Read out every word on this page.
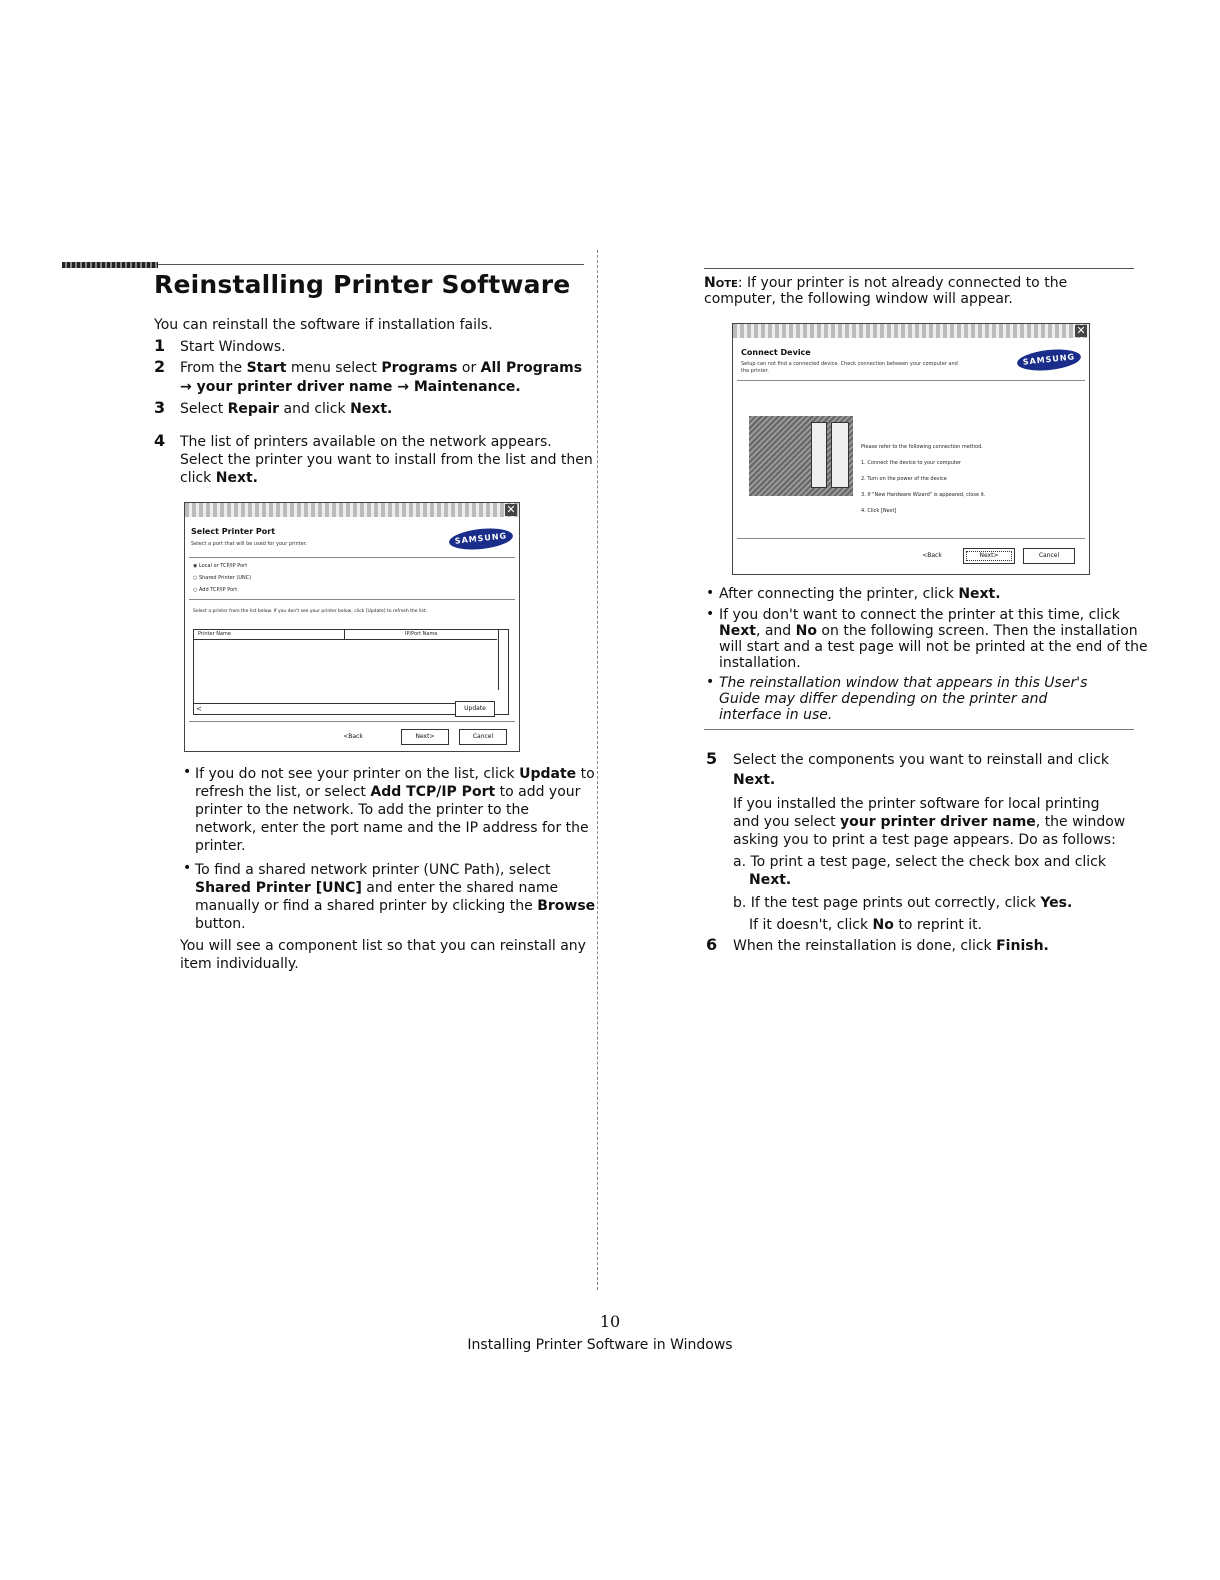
Reinstalling Printer Software
You can reinstall the software if installation fails.
1 Start Windows.
2 From the Start menu select Programs or All Programs
→ your printer driver name → Maintenance.
3 Select Repair and click Next.
4 The list of printers available on the network appears.
Select the printer you want to install from the list and then
click Next.
✕
Select Printer Port
Select a port that will be used for your printer.	SAMSUNG
◉ Local or TCP/IP Port
○ Shared Printer (UNC)
○ Add TCP/IP Port
Select a printer from the list below. If you don't see your printer below, click [Update] to refresh the list.
Printer Name	IP/Port Name
<	Update
<Back	Next>	Cancel
• If you do not see your printer on the list, click Update to
refresh the list, or select Add TCP/IP Port to add your
printer to the network. To add the printer to the
network, enter the port name and the IP address for the
printer.
• To find a shared network printer (UNC Path), select
Shared Printer [UNC] and enter the shared name
manually or find a shared printer by clicking the Browse
button.
You will see a component list so that you can reinstall any
item individually.
Note: If your printer is not already connected to the
computer, the following window will appear.
✕
Connect Device
Setup can not find a connected device. Check connection between your computer and
the printer.
SAMSUNG
Please refer to the following connection method.
1. Connect the device to your computer
2. Turn on the power of the device
3. If "New Hardware Wizard" is appeared, close it.
4. Click [Next]
<Back	Next>	Cancel
• After connecting the printer, click Next.
• If you don't want to connect the printer at this time, click
Next, and No on the following screen. Then the installation
will start and a test page will not be printed at the end of the
installation.
• The reinstallation window that appears in this User's
Guide may differ depending on the printer and
interface in use.
5 Select the components you want to reinstall and click
Next.
If you installed the printer software for local printing
and you select your printer driver name, the window
asking you to print a test page appears. Do as follows:
a. To print a test page, select the check box and click
Next.
b. If the test page prints out correctly, click Yes.
If it doesn't, click No to reprint it.
6 When the reinstallation is done, click Finish.
10
Installing Printer Software in Windows
